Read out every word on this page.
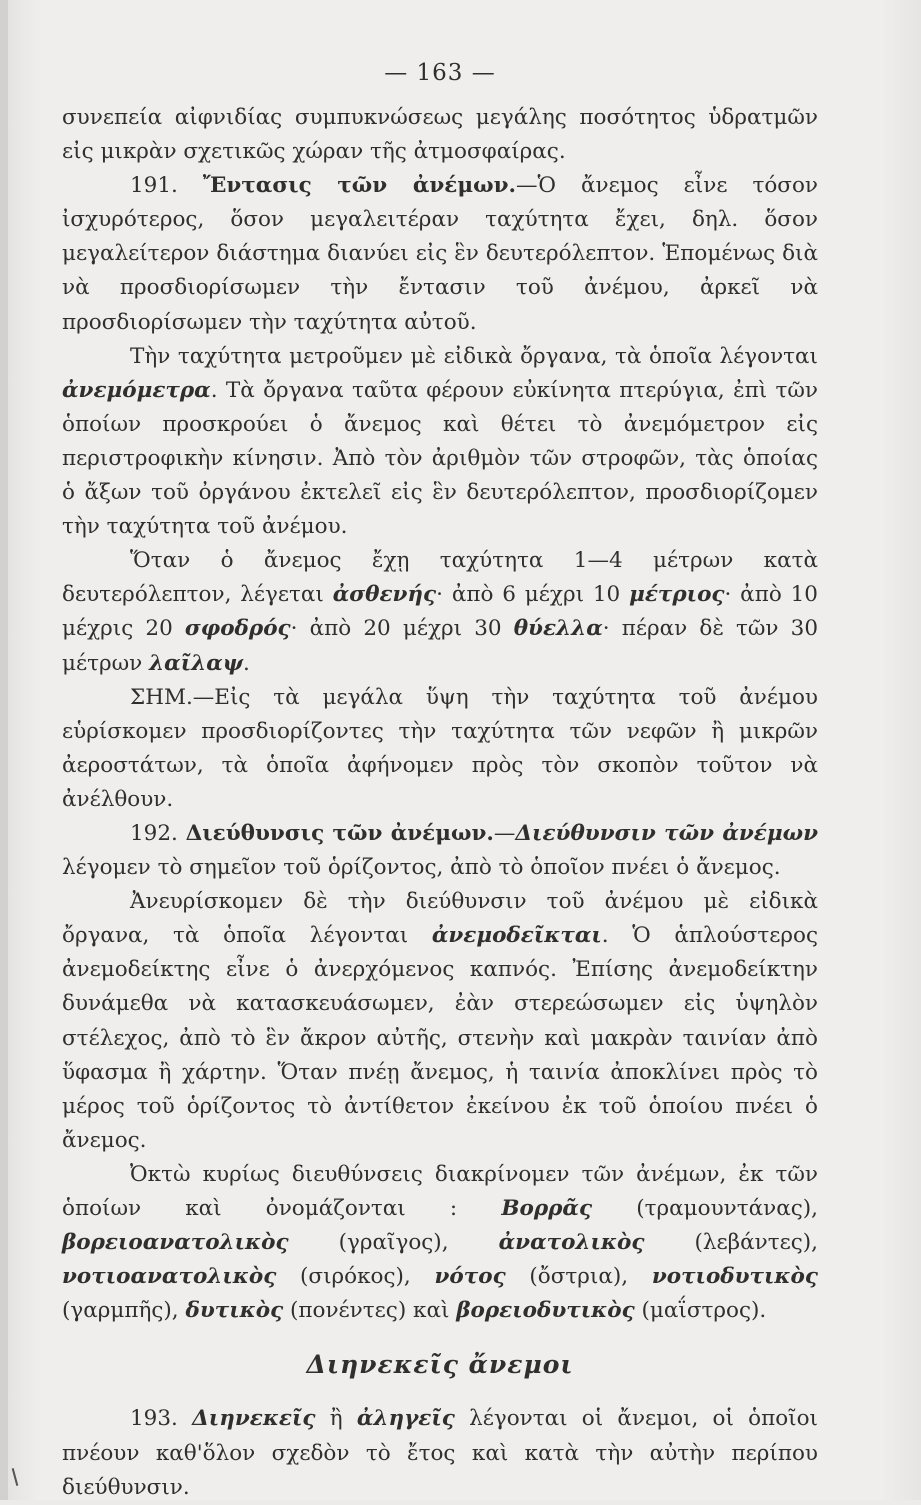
— 163 —

συνεπεία αἰφνιδίας συμπυκνώσεως μεγάλης ποσότητος ὑδρατμῶν εἰς μικρὰν σχετικῶς χώραν τῆς ἀτμοσφαίρας.

191. Ἔντασις τῶν ἀνέμων.—Ὁ ἄνεμος εἶνε τόσον ἰσχυρότερος, ὅσον μεγαλειτέραν ταχύτητα ἔχει, δηλ. ὅσον μεγαλείτερον διάστημα διανύει εἰς ἓν δευτερόλεπτον. Ἑπομένως διὰ νὰ προσδιορίσωμεν τὴν ἔντασιν τοῦ ἀνέμου, ἀρκεῖ νὰ προσδιορίσωμεν τὴν ταχύτητα αὐτοῦ.

Τὴν ταχύτητα μετροῦμεν μὲ εἰδικὰ ὄργανα, τὰ ὁποῖα λέγονται ἀνεμόμετρα. Τὰ ὄργανα ταῦτα φέρουν εὐκίνητα πτερύγια, ἐπὶ τῶν ὁποίων προσκρούει ὁ ἄνεμος καὶ θέτει τὸ ἀνεμόμετρον εἰς περιστροφικὴν κίνησιν. Ἀπὸ τὸν ἀριθμὸν τῶν στροφῶν, τὰς ὁποίας ὁ ἄξων τοῦ ὀργάνου ἐκτελεῖ εἰς ἓν δευτερόλεπτον, προσδιορίζομεν τὴν ταχύτητα τοῦ ἀνέμου.

Ὅταν ὁ ἄνεμος ἔχῃ ταχύτητα 1—4 μέτρων κατὰ δευτερόλεπτον, λέγεται ἀσθενής· ἀπὸ 6 μέχρι 10 μέτριος· ἀπὸ 10 μέχρις 20 σφοδρός· ἀπὸ 20 μέχρι 30 θύελλα· πέραν δὲ τῶν 30 μέτρων λαῖλαψ.

ΣΗΜ.—Εἰς τὰ μεγάλα ὕψη τὴν ταχύτητα τοῦ ἀνέμου εὑρίσκομεν προσδιορίζοντες τὴν ταχύτητα τῶν νεφῶν ἢ μικρῶν ἀεροστάτων, τὰ ὁποῖα ἀφήνομεν πρὸς τὸν σκοπὸν τοῦτον νὰ ἀνέλθουν.

192. Διεύθυνσις τῶν ἀνέμων.—Διεύθυνσιν τῶν ἀνέμων λέγομεν τὸ σημεῖον τοῦ ὁρίζοντος, ἀπὸ τὸ ὁποῖον πνέει ὁ ἄνεμος.

Ἀνευρίσκομεν δὲ τὴν διεύθυνσιν τοῦ ἀνέμου μὲ εἰδικὰ ὄργανα, τὰ ὁποῖα λέγονται ἀνεμοδεῖκται. Ὁ ἁπλούστερος ἀνεμοδείκτης εἶνε ὁ ἀνερχόμενος καπνός. Ἐπίσης ἀνεμοδείκτην δυνάμεθα νὰ κατασκευάσωμεν, ἐὰν στερεώσωμεν εἰς ὑψηλὸν στέλεχος, ἀπὸ τὸ ἓν ἄκρον αὐτῆς, στενὴν καὶ μακρὰν ταινίαν ἀπὸ ὕφασμα ἢ χάρτην. Ὅταν πνέῃ ἄνεμος, ἡ ταινία ἀποκλίνει πρὸς τὸ μέρος τοῦ ὁρίζοντος τὸ ἀντίθετον ἐκείνου ἐκ τοῦ ὁποίου πνέει ὁ ἄνεμος.

Ὀκτὼ κυρίως διευθύνσεις διακρίνομεν τῶν ἀνέμων, ἐκ τῶν ὁποίων καὶ ὀνομάζονται : Βορρᾶς (τραμουντάνας), βορειοανατολικὸς (γραῖγος), ἀνατολικὸς (λεβάντες), νοτιοανατολικὸς (σιρόκος), νότος (ὄστρια), νοτιοδυτικὸς (γαρμπῆς), δυτικὸς (πονέντες) καὶ βορειοδυτικὸς (μαΐστρος).

Διηνεκεῖς ἄνεμοι

193. Διηνεκεῖς ἢ ἀληγεῖς λέγονται οἱ ἄνεμοι, οἱ ὁποῖοι πνέουν καθ'ὅλον σχεδὸν τὸ ἔτος καὶ κατὰ τὴν αὐτὴν περίπου διεύθυνσιν.
